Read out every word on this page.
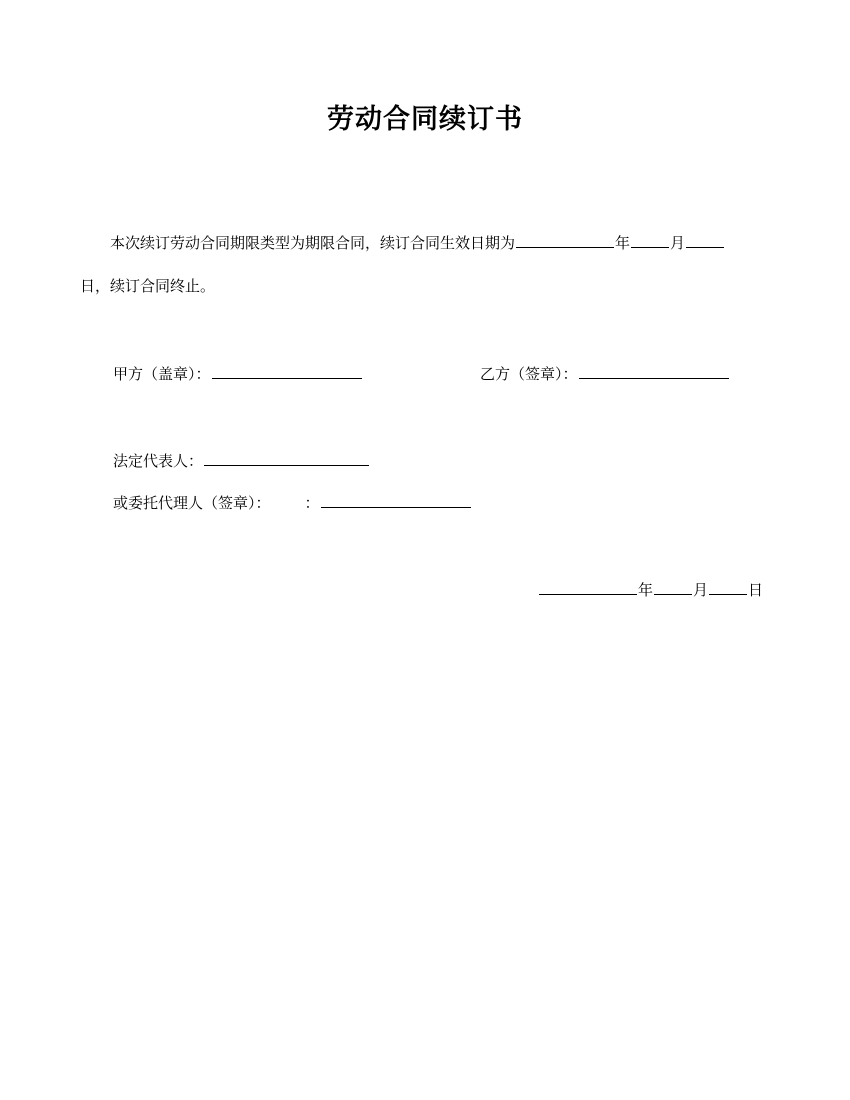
劳动合同续订书
本次续订劳动合同期限类型为期限合同，续订合同生效日期为	年	月
日，续订合同终止。
甲方（盖章）：	乙方（签章）：
法定代表人：
或委托代理人（签章）： ：
年	月	日
